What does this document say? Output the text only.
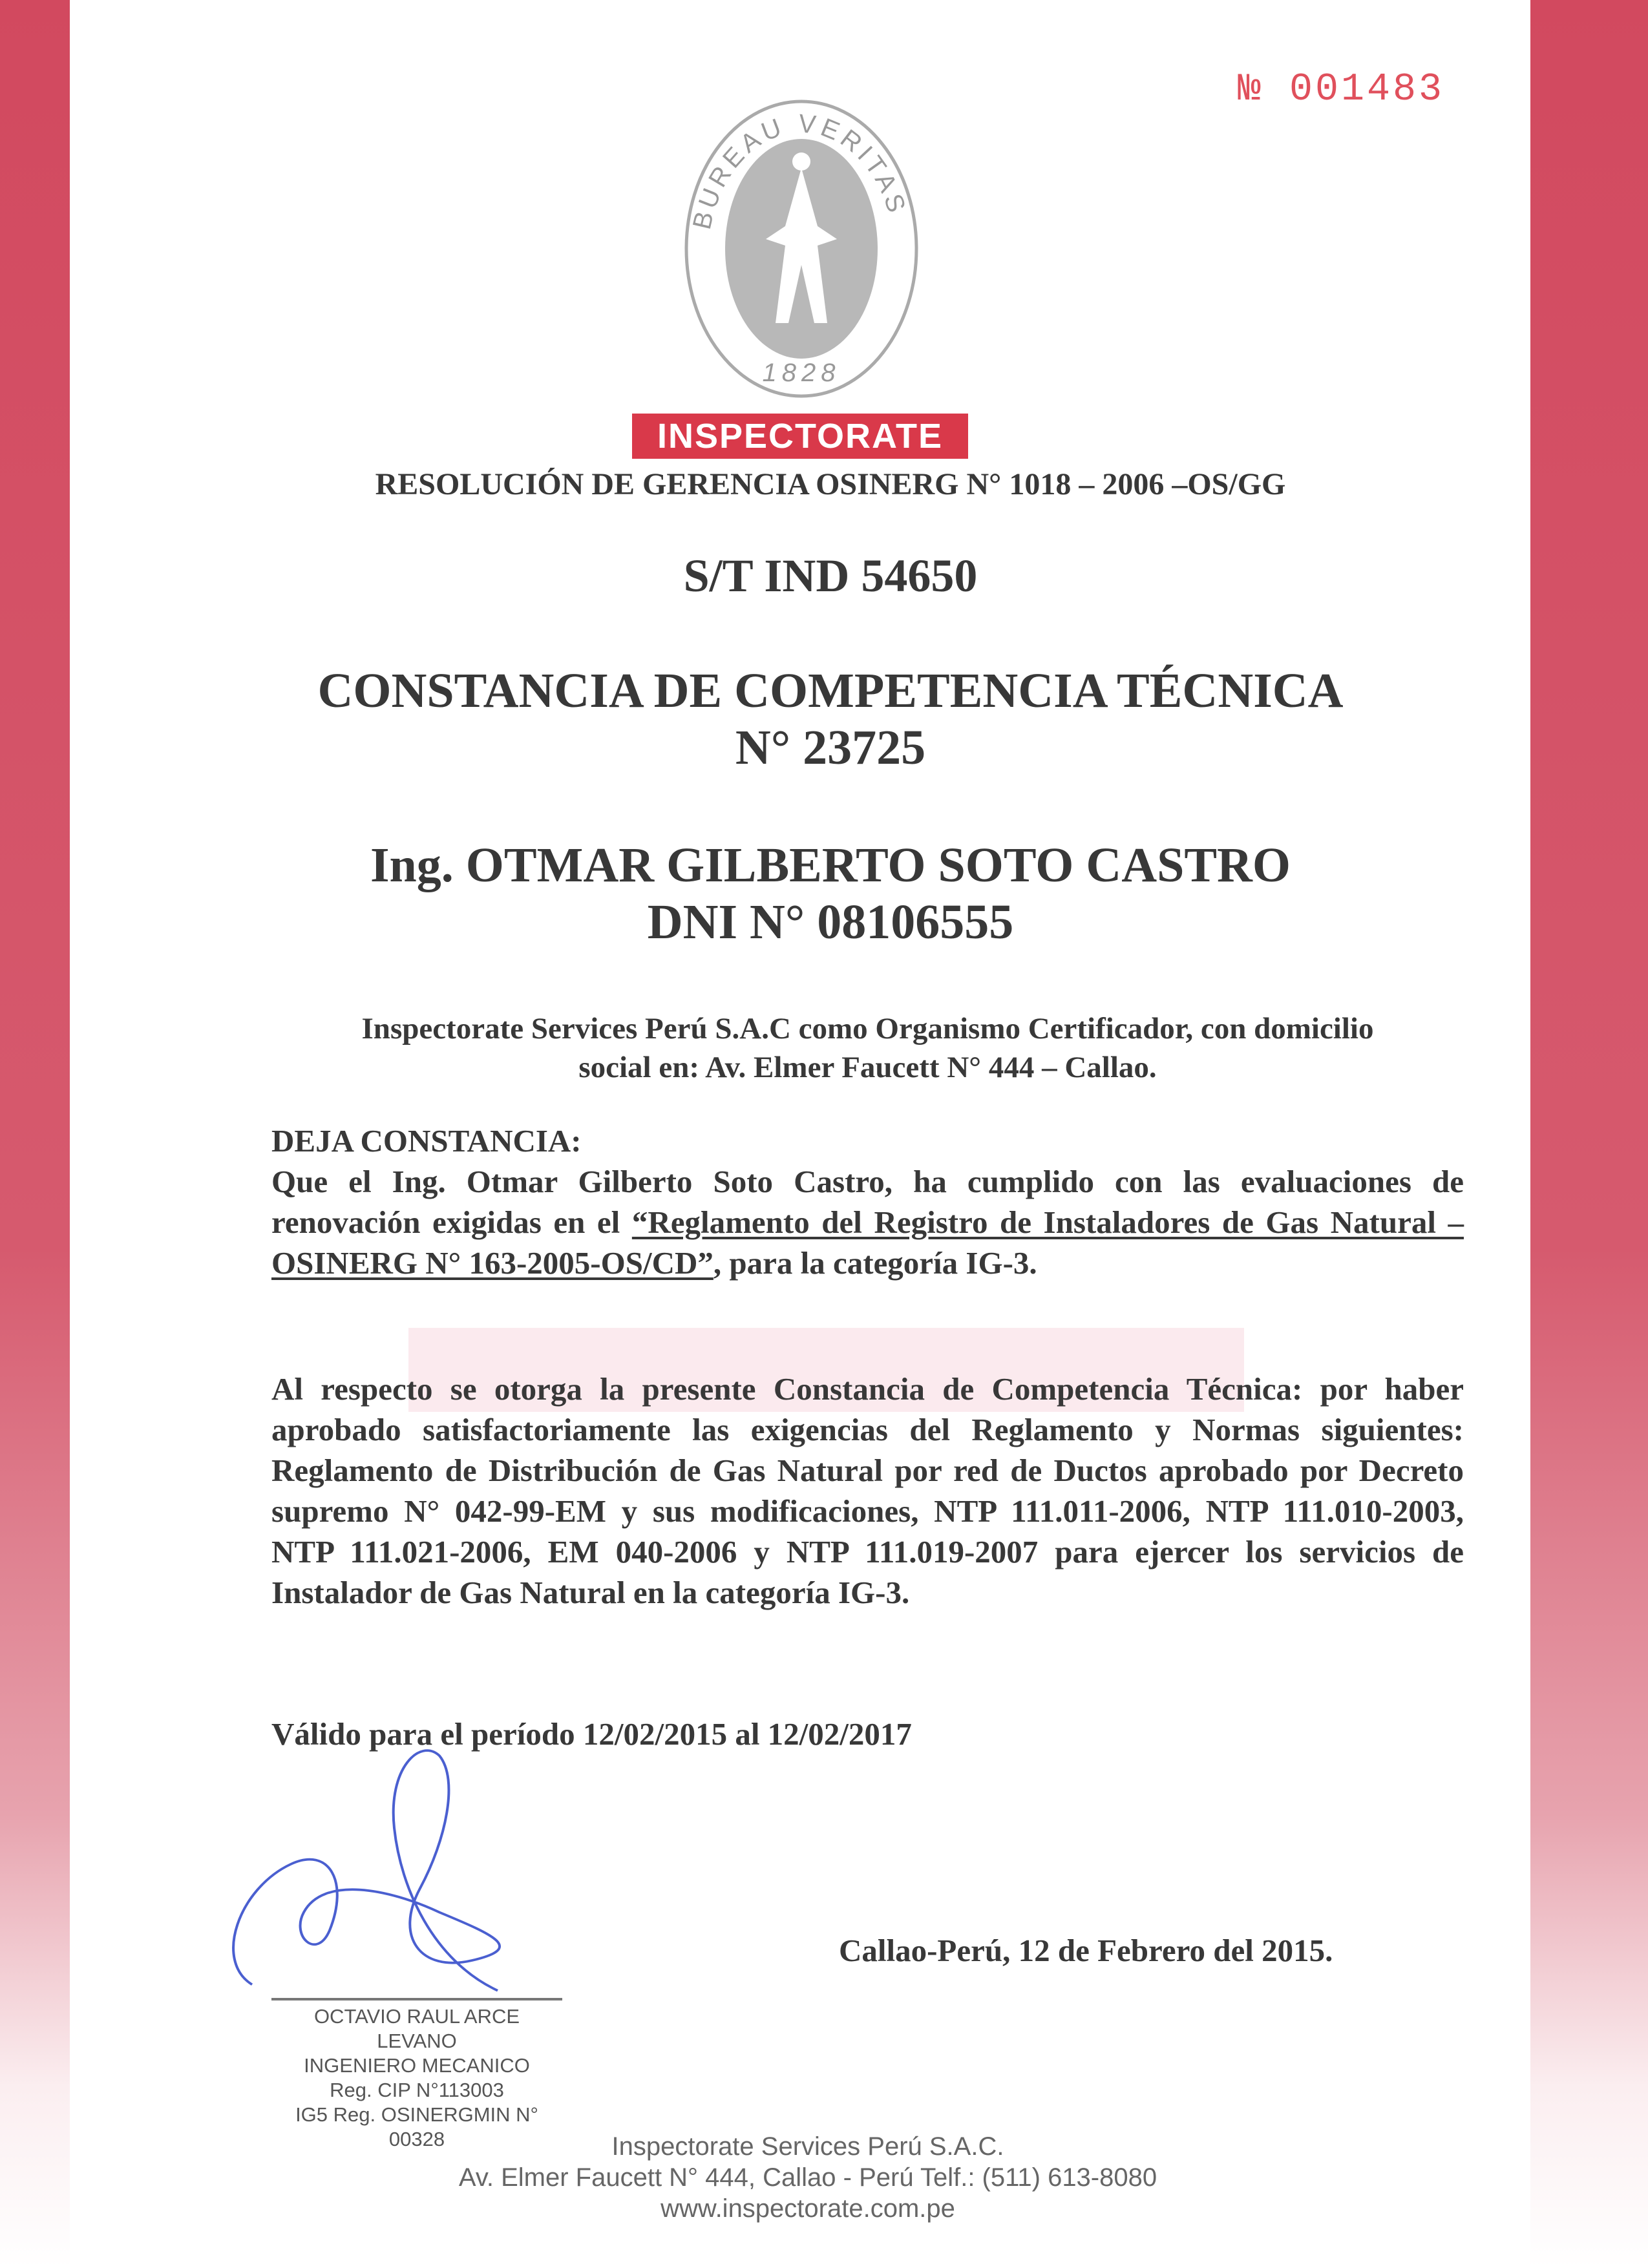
№ 001483
BUREAU VERITAS
1828
INSPECTORATE
RESOLUCIÓN DE GERENCIA OSINERG N° 1018 – 2006 –OS/GG
S/T IND 54650
CONSTANCIA DE COMPETENCIA TÉCNICA
N° 23725
Ing. OTMAR GILBERTO SOTO CASTRO
DNI N° 08106555
Inspectorate Services Perú S.A.C como Organismo Certificador, con domicilio
social en: Av. Elmer Faucett N° 444 – Callao.
DEJA CONSTANCIA:
Que el Ing. Otmar Gilberto Soto Castro, ha cumplido con las evaluaciones de renovación exigidas en el “Reglamento del Registro de Instaladores de Gas Natural – OSINERG N° 163-2005-OS/CD”, para la categoría IG-3.
Al respecto se otorga la presente Constancia de Competencia Técnica: por haber aprobado satisfactoriamente las exigencias del Reglamento y Normas siguientes: Reglamento de Distribución de Gas Natural por red de Ductos aprobado por Decreto supremo N° 042-99-EM y sus modificaciones, NTP 111.011-2006, NTP 111.010-2003, NTP 111.021-2006, EM 040-2006 y NTP 111.019-2007 para ejercer los servicios de Instalador de Gas Natural en la categoría IG-3.
Válido para el período 12/02/2015 al 12/02/2017
Callao-Perú, 12 de Febrero del 2015.
OCTAVIO RAUL ARCE LEVANO
INGENIERO MECANICO
Reg. CIP N°113003
IG5 Reg. OSINERGMIN N° 00328	Inspectorate Services Perú S.A.C.
Av. Elmer Faucett N° 444, Callao - Perú Telf.: (511) 613-8080
www.inspectorate.com.pe
